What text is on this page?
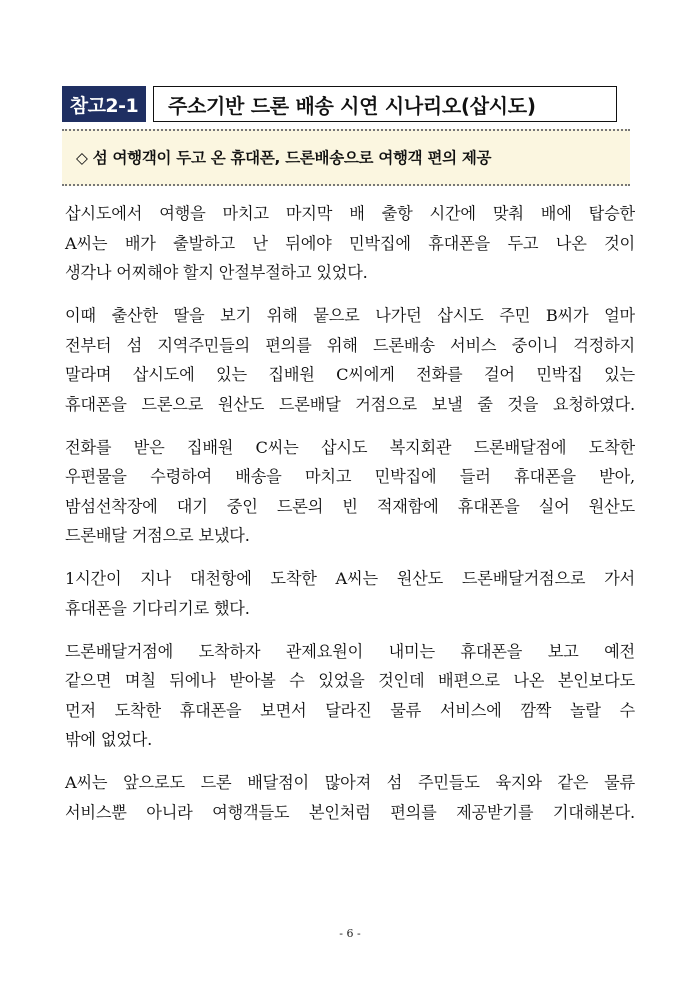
참고2-1	주소기반 드론 배송 시연 시나리오(삽시도)
◇ 섬 여행객이 두고 온 휴대폰, 드론배송으로 여행객 편의 제공

삽시도에서 여행을 마치고 마지막 배 출항 시간에 맞춰 배에 탑승한
A씨는 배가 출발하고 난 뒤에야 민박집에 휴대폰을 두고 나온 것이
생각나 어찌해야 할지 안절부절하고 있었다.

이때 출산한 딸을 보기 위해 뭍으로 나가던 삽시도 주민 B씨가 얼마
전부터 섬 지역주민들의 편의를 위해 드론배송 서비스 중이니 걱정하지
말라며 삽시도에 있는 집배원 C씨에게 전화를 걸어 민박집 있는
휴대폰을 드론으로 원산도 드론배달 거점으로 보낼 줄 것을 요청하였다.

전화를 받은 집배원 C씨는 삽시도 복지회관 드론배달점에 도착한
우편물을 수령하여 배송을 마치고 민박집에 들러 휴대폰을 받아,
밤섬선착장에 대기 중인 드론의 빈 적재함에 휴대폰을 실어 원산도
드론배달 거점으로 보냈다.

1시간이 지나 대천항에 도착한 A씨는 원산도 드론배달거점으로 가서
휴대폰을 기다리기로 했다.

드론배달거점에 도착하자 관제요원이 내미는 휴대폰을 보고 예전
같으면 며칠 뒤에나 받아볼 수 있었을 것인데 배편으로 나온 본인보다도
먼저 도착한 휴대폰을 보면서 달라진 물류 서비스에 깜짝 놀랄 수
밖에 없었다.

A씨는 앞으로도 드론 배달점이 많아져 섬 주민들도 육지와 같은 물류
서비스뿐 아니라 여행객들도 본인처럼 편의를 제공받기를 기대해본다.

- 6 -
